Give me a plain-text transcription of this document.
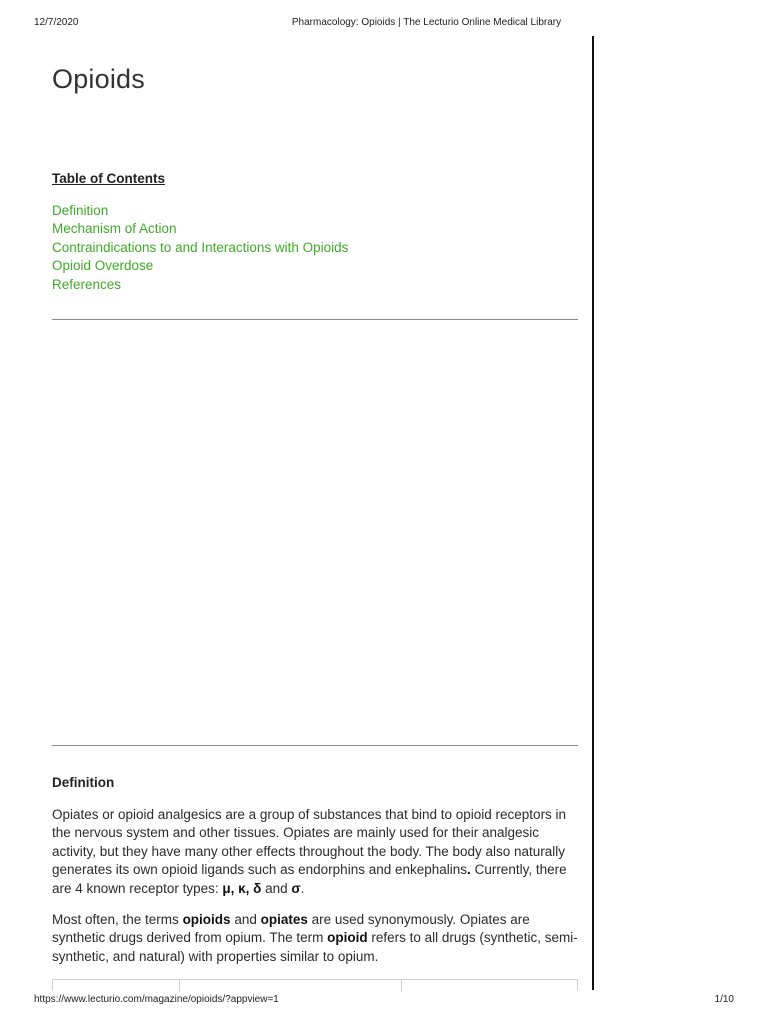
12/7/2020	Pharmacology: Opioids | The Lecturio Online Medical Library
Opioids
Table of Contents
Definition
Mechanism of Action
Contraindications to and Interactions with Opioids
Opioid Overdose
References
Definition

Opiates or opioid analgesics are a group of substances that bind to opioid receptors in the nervous system and other tissues. Opiates are mainly used for their analgesic activity, but they have many other effects throughout the body. The body also naturally generates its own opioid ligands such as endorphins and enkephalins. Currently, there are 4 known receptor types: μ, κ, δ and σ.

Most often, the terms opioids and opiates are used synonymously. Opiates are synthetic drugs derived from opium. The term opioid refers to all drugs (synthetic, semi-synthetic, and natural) with properties similar to opium.

https://www.lecturio.com/magazine/opioids/?appview=1	1/10
